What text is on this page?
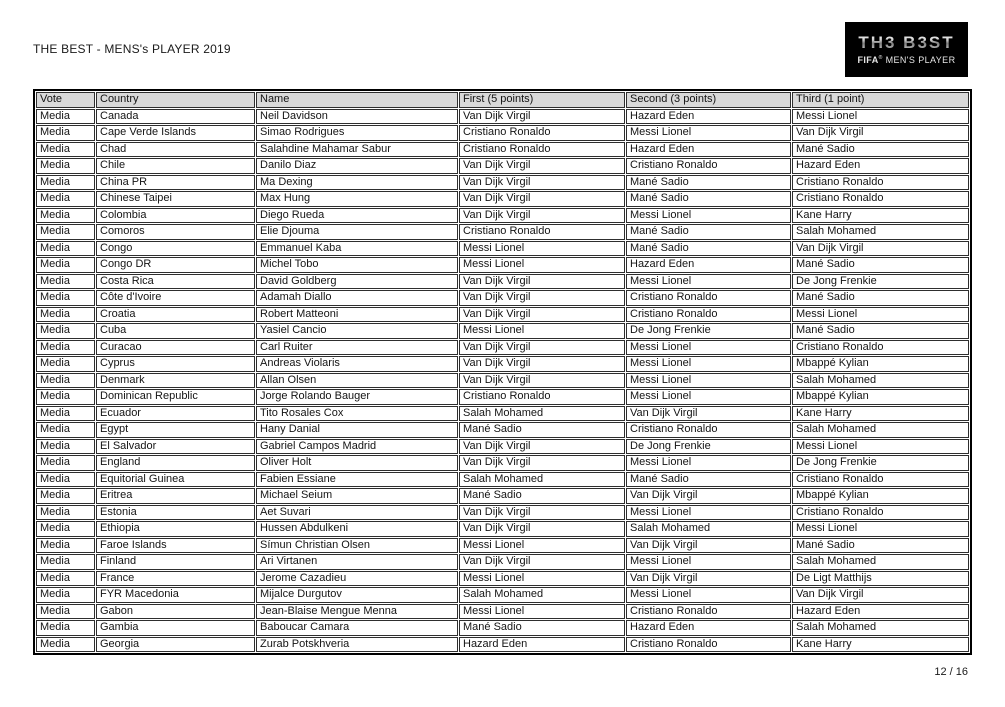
THE BEST - MENS's PLAYER 2019	TH3 B3ST
FIFA® MEN'S PLAYER
Vote	Country	Name	First (5 points)	Second (3 points)	Third (1 point)
Media	Canada	Neil Davidson	Van Dijk Virgil	Hazard Eden	Messi Lionel
Media	Cape Verde Islands	Simao Rodrigues	Cristiano Ronaldo	Messi Lionel	Van Dijk Virgil
Media	Chad	Salahdine Mahamar Sabur	Cristiano Ronaldo	Hazard Eden	Mané Sadio
Media	Chile	Danilo Diaz	Van Dijk Virgil	Cristiano Ronaldo	Hazard Eden
Media	China PR	Ma Dexing	Van Dijk Virgil	Mané Sadio	Cristiano Ronaldo
Media	Chinese Taipei	Max Hung	Van Dijk Virgil	Mané Sadio	Cristiano Ronaldo
Media	Colombia	Diego Rueda	Van Dijk Virgil	Messi Lionel	Kane Harry
Media	Comoros	Elie Djouma	Cristiano Ronaldo	Mané Sadio	Salah Mohamed
Media	Congo	Emmanuel Kaba	Messi Lionel	Mané Sadio	Van Dijk Virgil
Media	Congo DR	Michel Tobo	Messi Lionel	Hazard Eden	Mané Sadio
Media	Costa Rica	David Goldberg	Van Dijk Virgil	Messi Lionel	De Jong Frenkie
Media	Côte d'Ivoire	Adamah Diallo	Van Dijk Virgil	Cristiano Ronaldo	Mané Sadio
Media	Croatia	Robert Matteoni	Van Dijk Virgil	Cristiano Ronaldo	Messi Lionel
Media	Cuba	Yasiel Cancio	Messi Lionel	De Jong Frenkie	Mané Sadio
Media	Curacao	Carl Ruiter	Van Dijk Virgil	Messi Lionel	Cristiano Ronaldo
Media	Cyprus	Andreas Violaris	Van Dijk Virgil	Messi Lionel	Mbappé Kylian
Media	Denmark	Allan Olsen	Van Dijk Virgil	Messi Lionel	Salah Mohamed
Media	Dominican Republic	Jorge Rolando Bauger	Cristiano Ronaldo	Messi Lionel	Mbappé Kylian
Media	Ecuador	Tito Rosales Cox	Salah Mohamed	Van Dijk Virgil	Kane Harry
Media	Egypt	Hany Danial	Mané Sadio	Cristiano Ronaldo	Salah Mohamed
Media	El Salvador	Gabriel Campos Madrid	Van Dijk Virgil	De Jong Frenkie	Messi Lionel
Media	England	Oliver Holt	Van Dijk Virgil	Messi Lionel	De Jong Frenkie
Media	Equitorial Guinea	Fabien Essiane	Salah Mohamed	Mané Sadio	Cristiano Ronaldo
Media	Eritrea	Michael Seium	Mané Sadio	Van Dijk Virgil	Mbappé Kylian
Media	Estonia	Aet Suvari	Van Dijk Virgil	Messi Lionel	Cristiano Ronaldo
Media	Ethiopia	Hussen Abdulkeni	Van Dijk Virgil	Salah Mohamed	Messi Lionel
Media	Faroe Islands	Símun Christian Olsen	Messi Lionel	Van Dijk Virgil	Mané Sadio
Media	Finland	Ari Virtanen	Van Dijk Virgil	Messi Lionel	Salah Mohamed
Media	France	Jerome Cazadieu	Messi Lionel	Van Dijk Virgil	De Ligt Matthijs
Media	FYR Macedonia	Mijalce Durgutov	Salah Mohamed	Messi Lionel	Van Dijk Virgil
Media	Gabon	Jean-Blaise Mengue Menna	Messi Lionel	Cristiano Ronaldo	Hazard Eden
Media	Gambia	Baboucar Camara	Mané Sadio	Hazard Eden	Salah Mohamed
Media	Georgia	Zurab Potskhveria	Hazard Eden	Cristiano Ronaldo	Kane Harry
12 / 16
